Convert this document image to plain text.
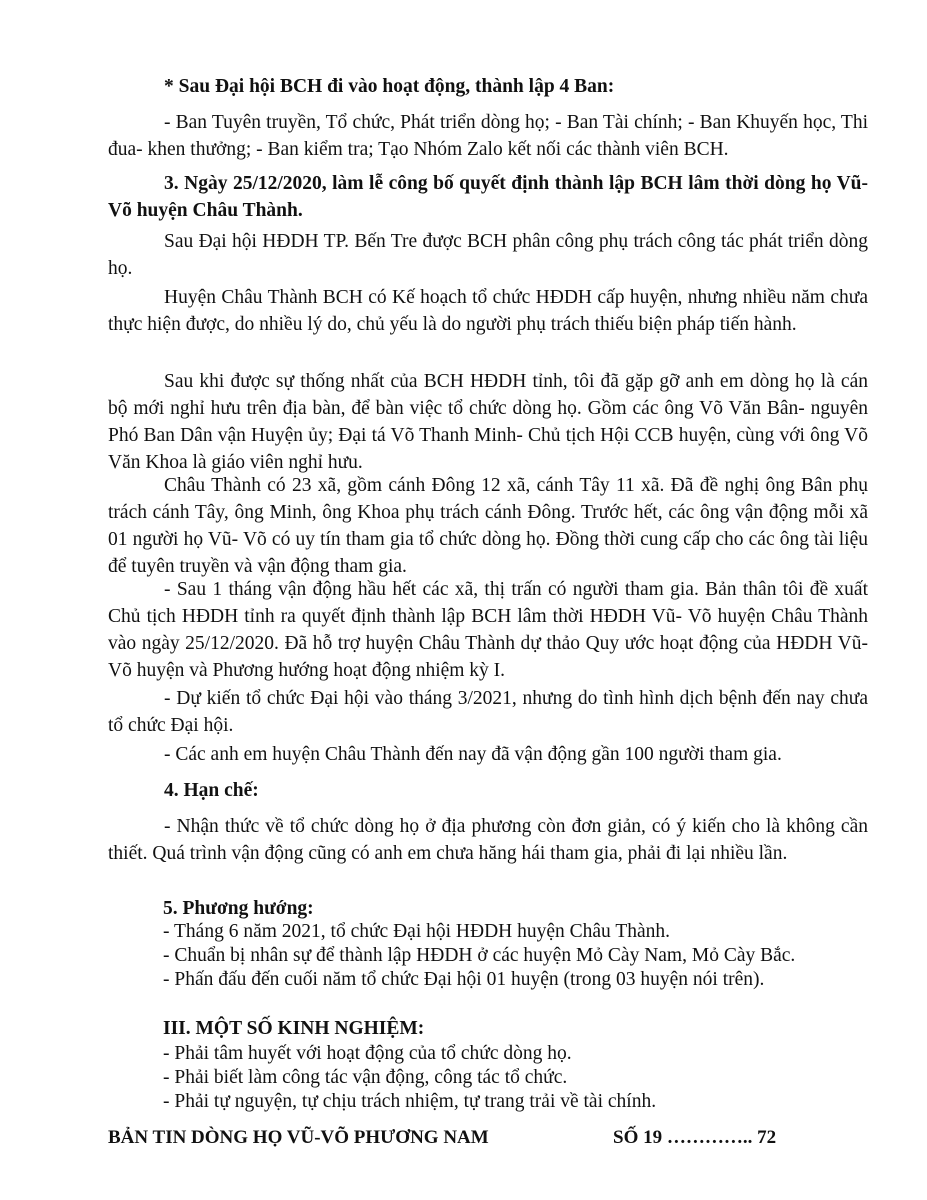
* Sau Đại hội BCH đi vào hoạt động, thành lập 4 Ban:

- Ban Tuyên truyền, Tổ chức, Phát triển dòng họ; - Ban Tài chính; - Ban Khuyến học, Thi đua- khen thưởng; - Ban kiểm tra; Tạo Nhóm Zalo kết nối các thành viên BCH.

3. Ngày 25/12/2020, làm lễ công bố quyết định thành lập BCH lâm thời dòng họ Vũ- Võ huyện Châu Thành.

Sau Đại hội HĐDH TP. Bến Tre được BCH phân công phụ trách công tác phát triển dòng họ.

Huyện Châu Thành BCH có Kế hoạch tổ chức HĐDH cấp huyện, nhưng nhiều năm chưa thực hiện được, do nhiều lý do, chủ yếu là do người phụ trách thiếu biện pháp tiến hành.

Sau khi được sự thống nhất của BCH HĐDH tỉnh, tôi đã gặp gỡ anh em dòng họ là cán bộ mới nghỉ hưu trên địa bàn, để bàn việc tổ chức dòng họ. Gồm các ông Võ Văn Bân- nguyên Phó Ban Dân vận Huyện ủy; Đại tá Võ Thanh Minh- Chủ tịch Hội CCB huyện, cùng với ông Võ Văn Khoa là giáo viên nghỉ hưu.

Châu Thành có 23 xã, gồm cánh Đông 12 xã, cánh Tây 11 xã. Đã đề nghị ông Bân phụ trách cánh Tây, ông Minh, ông Khoa phụ trách cánh Đông. Trước hết, các ông vận động mỗi xã 01 người họ Vũ- Võ có uy tín tham gia tổ chức dòng họ. Đồng thời cung cấp cho các ông tài liệu để tuyên truyền và vận động tham gia.

- Sau 1 tháng vận động hầu hết các xã, thị trấn có người tham gia. Bản thân tôi đề xuất Chủ tịch HĐDH tỉnh ra quyết định thành lập BCH lâm thời HĐDH Vũ- Võ huyện Châu Thành vào ngày 25/12/2020. Đã hỗ trợ huyện Châu Thành dự thảo Quy ước hoạt động của HĐDH Vũ- Võ huyện và Phương hướng hoạt động nhiệm kỳ I.

- Dự kiến tổ chức Đại hội vào tháng 3/2021, nhưng do tình hình dịch bệnh đến nay chưa tổ chức Đại hội.

- Các anh em huyện Châu Thành đến nay đã vận động gần 100 người tham gia.

4. Hạn chế:

- Nhận thức về tổ chức dòng họ ở địa phương còn đơn giản, có ý kiến cho là không cần thiết. Quá trình vận động cũng có anh em chưa hăng hái tham gia, phải đi lại nhiều lần.

5. Phương hướng:

- Tháng 6 năm 2021, tổ chức Đại hội HĐDH huyện Châu Thành.

- Chuẩn bị nhân sự để thành lập HĐDH ở các huyện Mỏ Cày Nam, Mỏ Cày Bắc.

- Phấn đấu đến cuối năm tổ chức Đại hội 01 huyện (trong 03 huyện nói trên).

III. MỘT SỐ KINH NGHIỆM:

- Phải tâm huyết với hoạt động của tổ chức dòng họ.

- Phải biết làm công tác vận động, công tác tổ chức.

- Phải tự nguyện, tự chịu trách nhiệm, tự trang trải về tài chính.

BẢN TIN DÒNG HỌ VŨ-VÕ PHƯƠNG NAM	SỐ 19 ………….. 72
